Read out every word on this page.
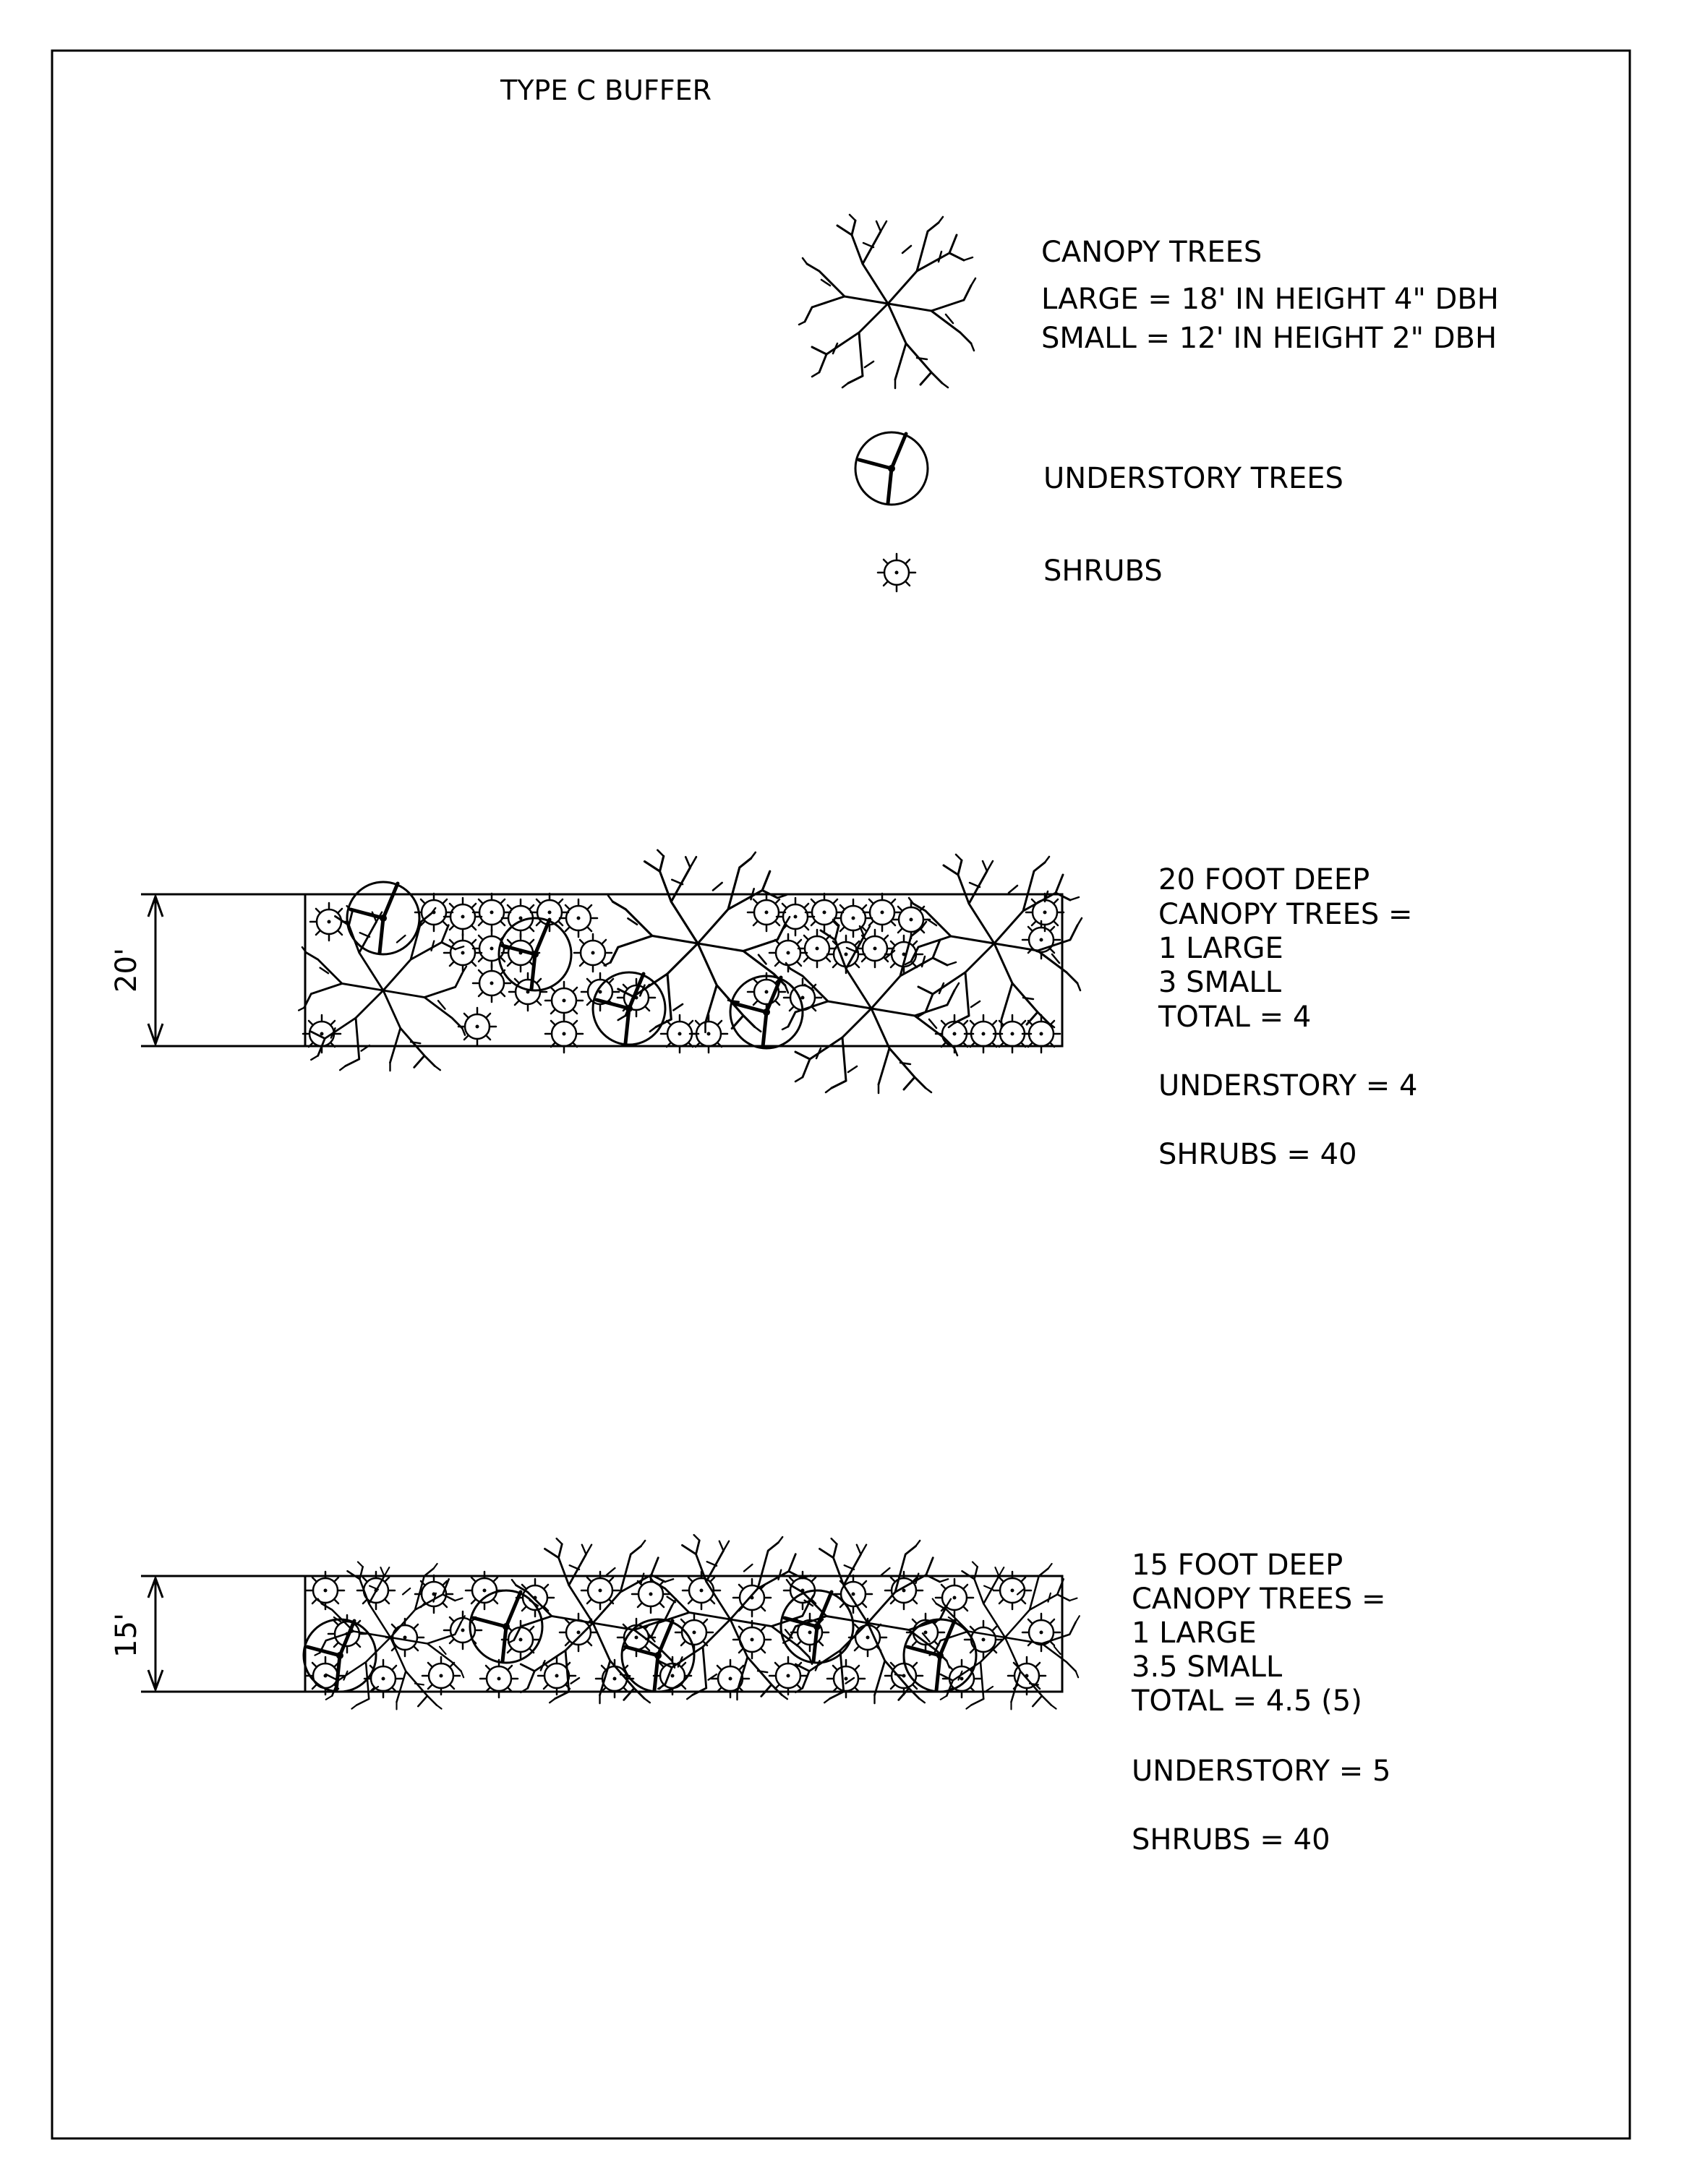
TYPE C BUFFER
CANOPY TREES
LARGE = 18' IN HEIGHT 4" DBH
SMALL = 12' IN HEIGHT 2" DBH
UNDERSTORY TREES
SHRUBS
20'
20 FOOT DEEP
CANOPY TREES =
1 LARGE
3 SMALL
TOTAL = 4
UNDERSTORY = 4
SHRUBS = 40
15'
15 FOOT DEEP
CANOPY TREES =
1 LARGE
3.5 SMALL
TOTAL = 4.5 (5)
UNDERSTORY = 5
SHRUBS = 40
